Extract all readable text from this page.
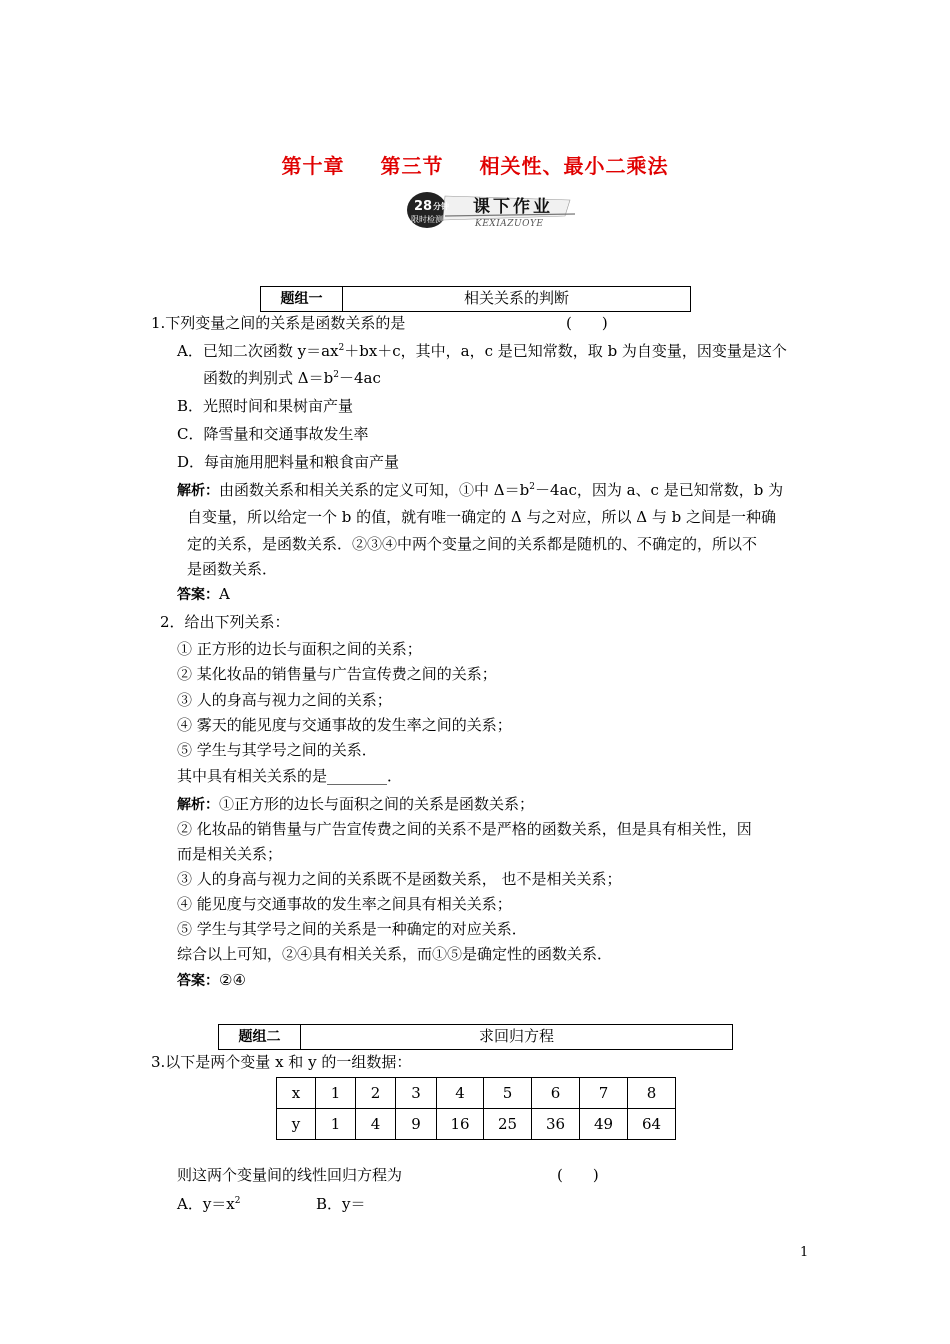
第十章 第三节 相关性、最小二乘法
28 分钟
限时检测
课下作业
KEXIAZUOYE
题组一	相关关系的判断
1.下列变量之间的关系是函数关系的是	(　　)
A．已知二次函数 $y=ax^2+bx+c$，其中，a，c 是已知常数，取 b 为自变量，因变量是这个
函数的判别式 $\Delta=b^2-4ac$
B．光照时间和果树亩产量
C．降雪量和交通事故发生率
D．每亩施用肥料量和粮食亩产量
解析：由函数关系和相关关系的定义可知，①中 $\Delta=b^2-4ac$，因为 a、c 是已知常数，b 为
自变量，所以给定一个 b 的值，就有唯一确定的 Δ 与之对应，所以 Δ 与 b 之间是一种确
定的关系，是函数关系．②③④中两个变量之间的关系都是随机的、不确定的，所以不
是函数关系．
答案：A
2．给出下列关系：
① 正方形的边长与面积之间的关系；
② 某化妆品的销售量与广告宣传费之间的关系；
③ 人的身高与视力之间的关系；
④ 雾天的能见度与交通事故的发生率之间的关系；
⑤ 学生与其学号之间的关系．
其中具有相关关系的是________．
解析：①正方形的边长与面积之间的关系是函数关系；
② 化妆品的销售量与广告宣传费之间的关系不是严格的函数关系，但是具有相关性，因
而是相关关系；
③ 人的身高与视力之间的关系既不是函数关系， 也不是相关关系；
④ 能见度与交通事故的发生率之间具有相关关系；
⑤ 学生与其学号之间的关系是一种确定的对应关系．
综合以上可知，②④具有相关关系，而①⑤是确定性的函数关系．
答案：②④
题组二	求回归方程
3.以下是两个变量 x 和 y 的一组数据：
x	1	2	3	4	5	6	7	8
y	1	4	9	16	25	36	49	64
则这两个变量间的线性回归方程为	(　　)
A．$y=x^2$	B．y＝
1
